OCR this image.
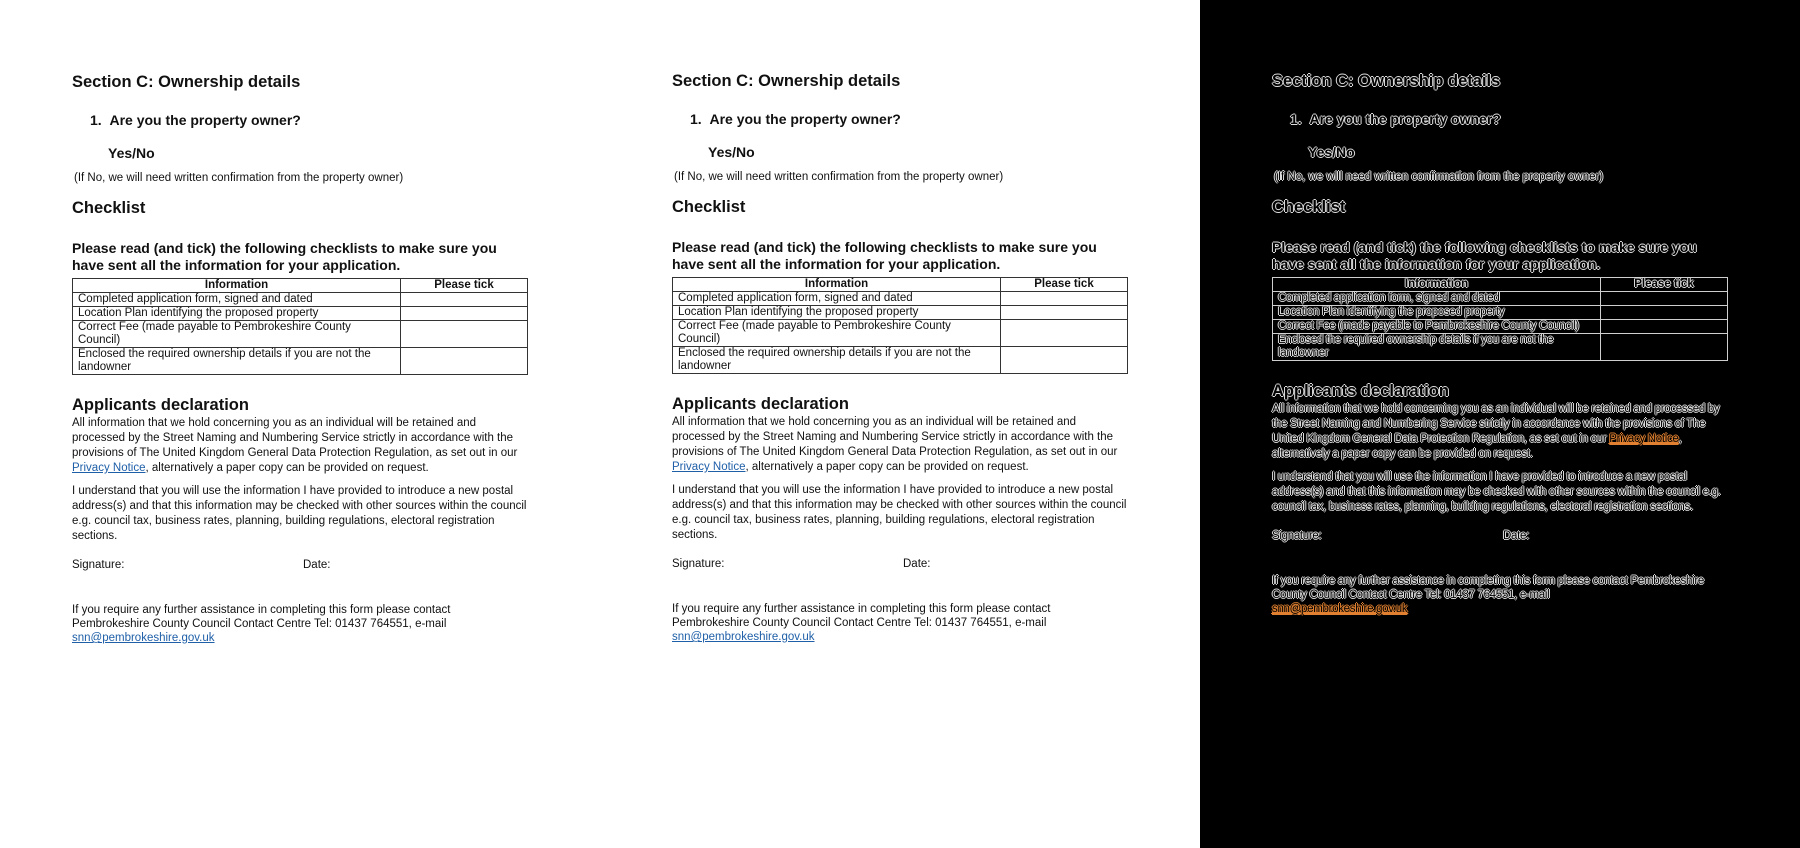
Section C: Ownership details
1. Are you the property owner?
Yes/No
(If No, we will need written confirmation from the property owner)
Checklist
Please read (and tick) the following checklists to make sure you have sent all the information for your application.
Information	Please tick
Completed application form, signed and dated	
Location Plan identifying the proposed property	
Correct Fee (made payable to Pembrokeshire County Council)	
Enclosed the required ownership details if you are not the landowner	
Applicants declaration
All information that we hold concerning you as an individual will be retained and processed by the Street Naming and Numbering Service strictly in accordance with the provisions of The United Kingdom General Data Protection Regulation, as set out in our Privacy Notice, alternatively a paper copy can be provided on request.
I understand that you will use the information I have provided to introduce a new postal address(s) and that this information may be checked with other sources within the council e.g. council tax, business rates, planning, building regulations, electoral registration sections.
Signature:	Date:
If you require any further assistance in completing this form please contact Pembrokeshire County Council Contact Centre Tel: 01437 764551, e-mail
snn@pembrokeshire.gov.uk
Section C: Ownership details
1. Are you the property owner?
Yes/No
(If No, we will need written confirmation from the property owner)
Checklist
Please read (and tick) the following checklists to make sure you have sent all the information for your application.
Information	Please tick
Completed application form, signed and dated	
Location Plan identifying the proposed property	
Correct Fee (made payable to Pembrokeshire County Council)	
Enclosed the required ownership details if you are not the landowner	
Applicants declaration
All information that we hold concerning you as an individual will be retained and processed by the Street Naming and Numbering Service strictly in accordance with the provisions of The United Kingdom General Data Protection Regulation, as set out in our Privacy Notice, alternatively a paper copy can be provided on request.
I understand that you will use the information I have provided to introduce a new postal address(s) and that this information may be checked with other sources within the council e.g. council tax, business rates, planning, building regulations, electoral registration sections.
Signature:	Date:
If you require any further assistance in completing this form please contact Pembrokeshire County Council Contact Centre Tel: 01437 764551, e-mail
snn@pembrokeshire.gov.uk
Section C: Ownership details
1. Are you the property owner?
Yes/No
(If No, we will need written confirmation from the property owner)
Checklist
Please read (and tick) the following checklists to make sure you have sent all the information for your application.
Information	Please tick
Completed application form, signed and dated	
Location Plan identifying the proposed property	
Correct Fee (made payable to Pembrokeshire County Council)	
Enclosed the required ownership details if you are not the landowner	
Applicants declaration
All information that we hold concerning you as an individual will be retained and processed by the Street Naming and Numbering Service strictly in accordance with the provisions of The United Kingdom General Data Protection Regulation, as set out in our Privacy Notice, alternatively a paper copy can be provided on request.
I understand that you will use the information I have provided to introduce a new postal address(s) and that this information may be checked with other sources within the council e.g. council tax, business rates, planning, building regulations, electoral registration sections.
Signature:	Date:
If you require any further assistance in completing this form please contact Pembrokeshire County Council Contact Centre Tel: 01437 764551, e-mail
snn@pembrokeshire.gov.uk
